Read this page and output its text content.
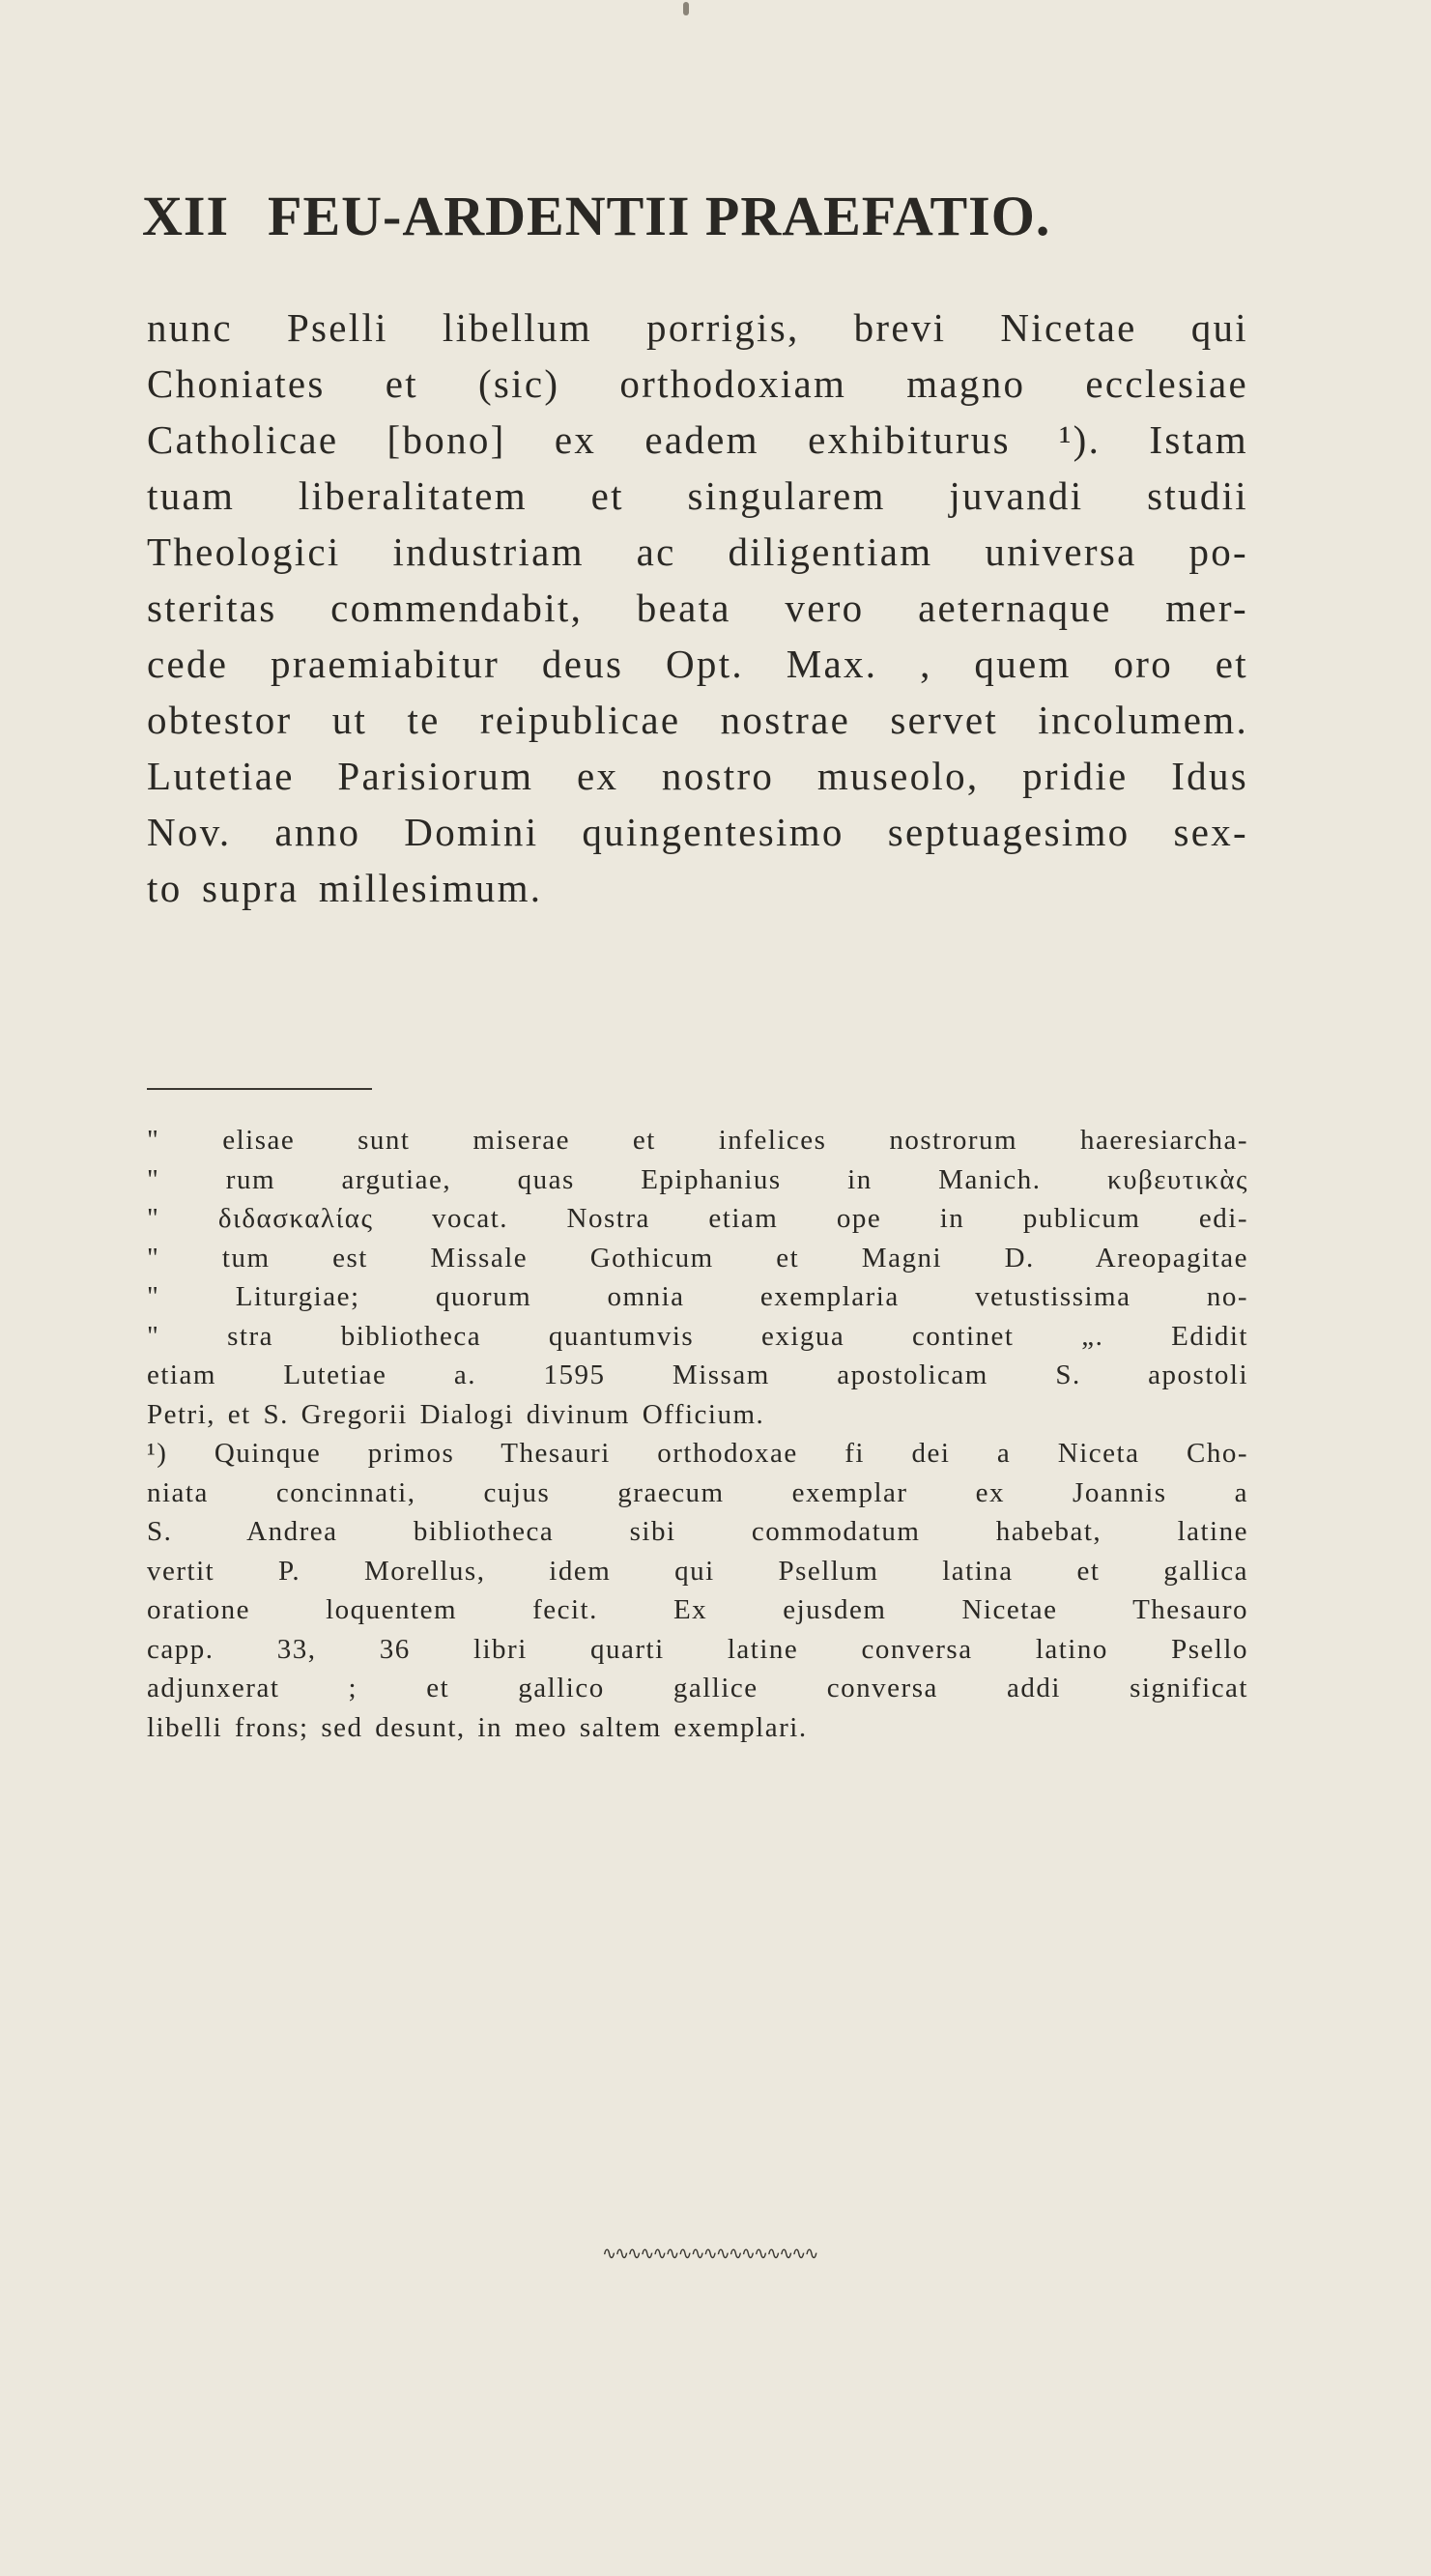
XII FEU-ARDENTII PRAEFATIO.
nunc Pselli libellum porrigis, brevi Nicetae qui
Choniates et (sic) orthodoxiam magno ecclesiae
Catholicae [bono] ex eadem exhibiturus ¹). Istam
tuam liberalitatem et singularem juvandi studii
Theologici industriam ac diligentiam universa po-
steritas commendabit, beata vero aeternaque mer-
cede praemiabitur deus Opt. Max. , quem oro et
obtestor ut te reipublicae nostrae servet incolumem.
Lutetiae Parisiorum ex nostro museolo, pridie Idus
Nov. anno Domini quingentesimo septuagesimo sex-
to supra millesimum.
" elisae sunt miserae et infelices nostrorum haeresiarcha-
" rum argutiae, quas Epiphanius in Manich. κυβευτικὰς
" διδασκαλίας vocat. Nostra etiam ope in publicum edi-
" tum est Missale Gothicum et Magni D. Areopagitae
" Liturgiae; quorum omnia exemplaria vetustissima no-
" stra bibliotheca quantumvis exigua continet „. Edidit
etiam Lutetiae a. 1595 Missam apostolicam S. apostoli
Petri, et S. Gregorii Dialogi divinum Officium.
¹) Quinque primos Thesauri orthodoxae fi dei a Niceta Cho-
niata concinnati, cujus graecum exemplar ex Joannis a
S. Andrea bibliotheca sibi commodatum habebat, latine
vertit P. Morellus, idem qui Psellum latina et gallica
oratione loquentem fecit. Ex ejusdem Nicetae Thesauro
capp. 33, 36 libri quarti latine conversa latino Psello
adjunxerat ; et gallico gallice conversa addi significat
libelli frons; sed desunt, in meo saltem exemplari.
∿∿∿∿∿∿∿∿∿∿∿∿∿∿∿∿∿
